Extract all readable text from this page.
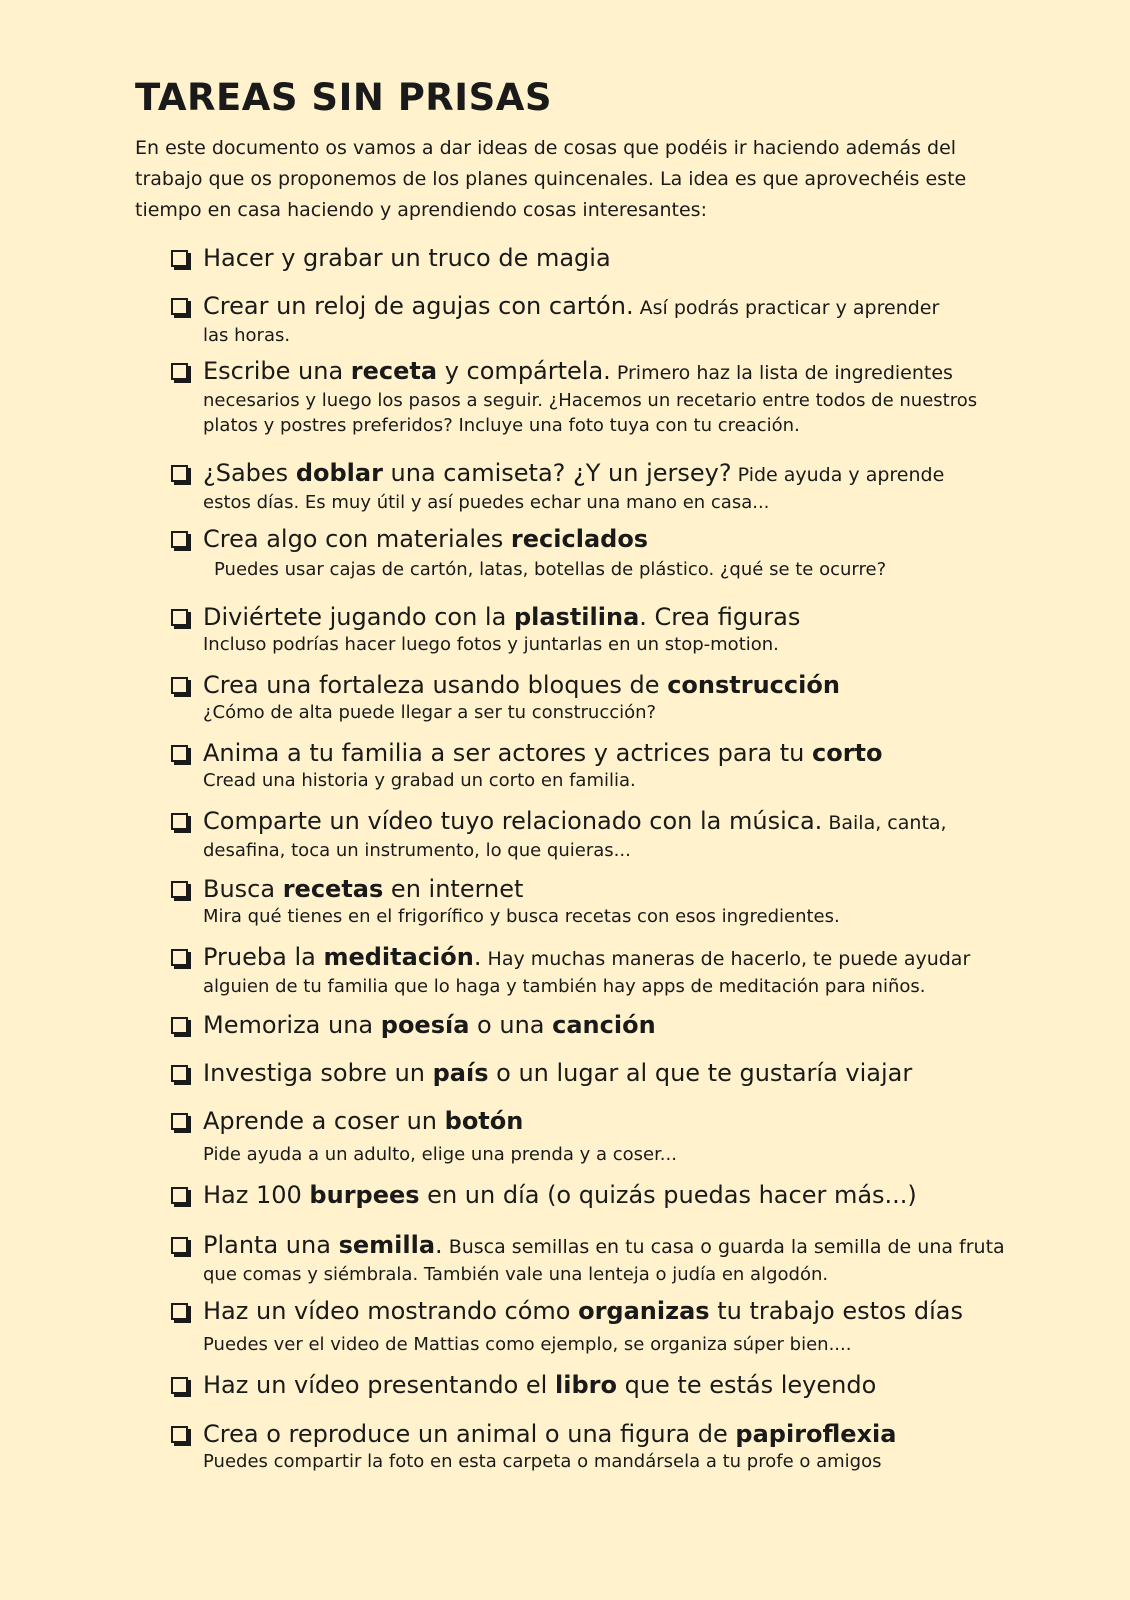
TAREAS SIN PRISAS

En este documento os vamos a dar ideas de cosas que podéis ir haciendo además del trabajo que os proponemos de los planes quincenales. La idea es que aprovechéis este tiempo en casa haciendo y aprendiendo cosas interesantes:

Hacer y grabar un truco de magia
Crear un reloj de agujas con cartón. Así podrás practicar y aprender
las horas.
Escribe una receta y compártela. Primero haz la lista de ingredientes
necesarios y luego los pasos a seguir. ¿Hacemos un recetario entre todos de nuestros platos y postres preferidos? Incluye una foto tuya con tu creación.
¿Sabes doblar una camiseta? ¿Y un jersey? Pide ayuda y aprende
estos días. Es muy útil y así puedes echar una mano en casa...
Crea algo con materiales reciclados
Puedes usar cajas de cartón, latas, botellas de plástico. ¿qué se te ocurre?
Diviértete jugando con la plastilina. Crea figuras
Incluso podrías hacer luego fotos y juntarlas en un stop-motion.
Crea una fortaleza usando bloques de construcción
¿Cómo de alta puede llegar a ser tu construcción?
Anima a tu familia a ser actores y actrices para tu corto
Cread una historia y grabad un corto en familia.
Comparte un vídeo tuyo relacionado con la música. Baila, canta,
desafina, toca un instrumento, lo que quieras...
Busca recetas en internet
Mira qué tienes en el frigorífico y busca recetas con esos ingredientes.
Prueba la meditación. Hay muchas maneras de hacerlo, te puede ayudar
alguien de tu familia que lo haga y también hay apps de meditación para niños.
Memoriza una poesía o una canción
Investiga sobre un país o un lugar al que te gustaría viajar
Aprende a coser un botón
Pide ayuda a un adulto, elige una prenda y a coser...
Haz 100 burpees en un día (o quizás puedas hacer más...)
Planta una semilla. Busca semillas en tu casa o guarda la semilla de una fruta
que comas y siémbrala. También vale una lenteja o judía en algodón.
Haz un vídeo mostrando cómo organizas tu trabajo estos días
Puedes ver el video de Mattias como ejemplo, se organiza súper bien....
Haz un vídeo presentando el libro que te estás leyendo
Crea o reproduce un animal o una figura de papiroflexia
Puedes compartir la foto en esta carpeta o mandársela a tu profe o amigos
